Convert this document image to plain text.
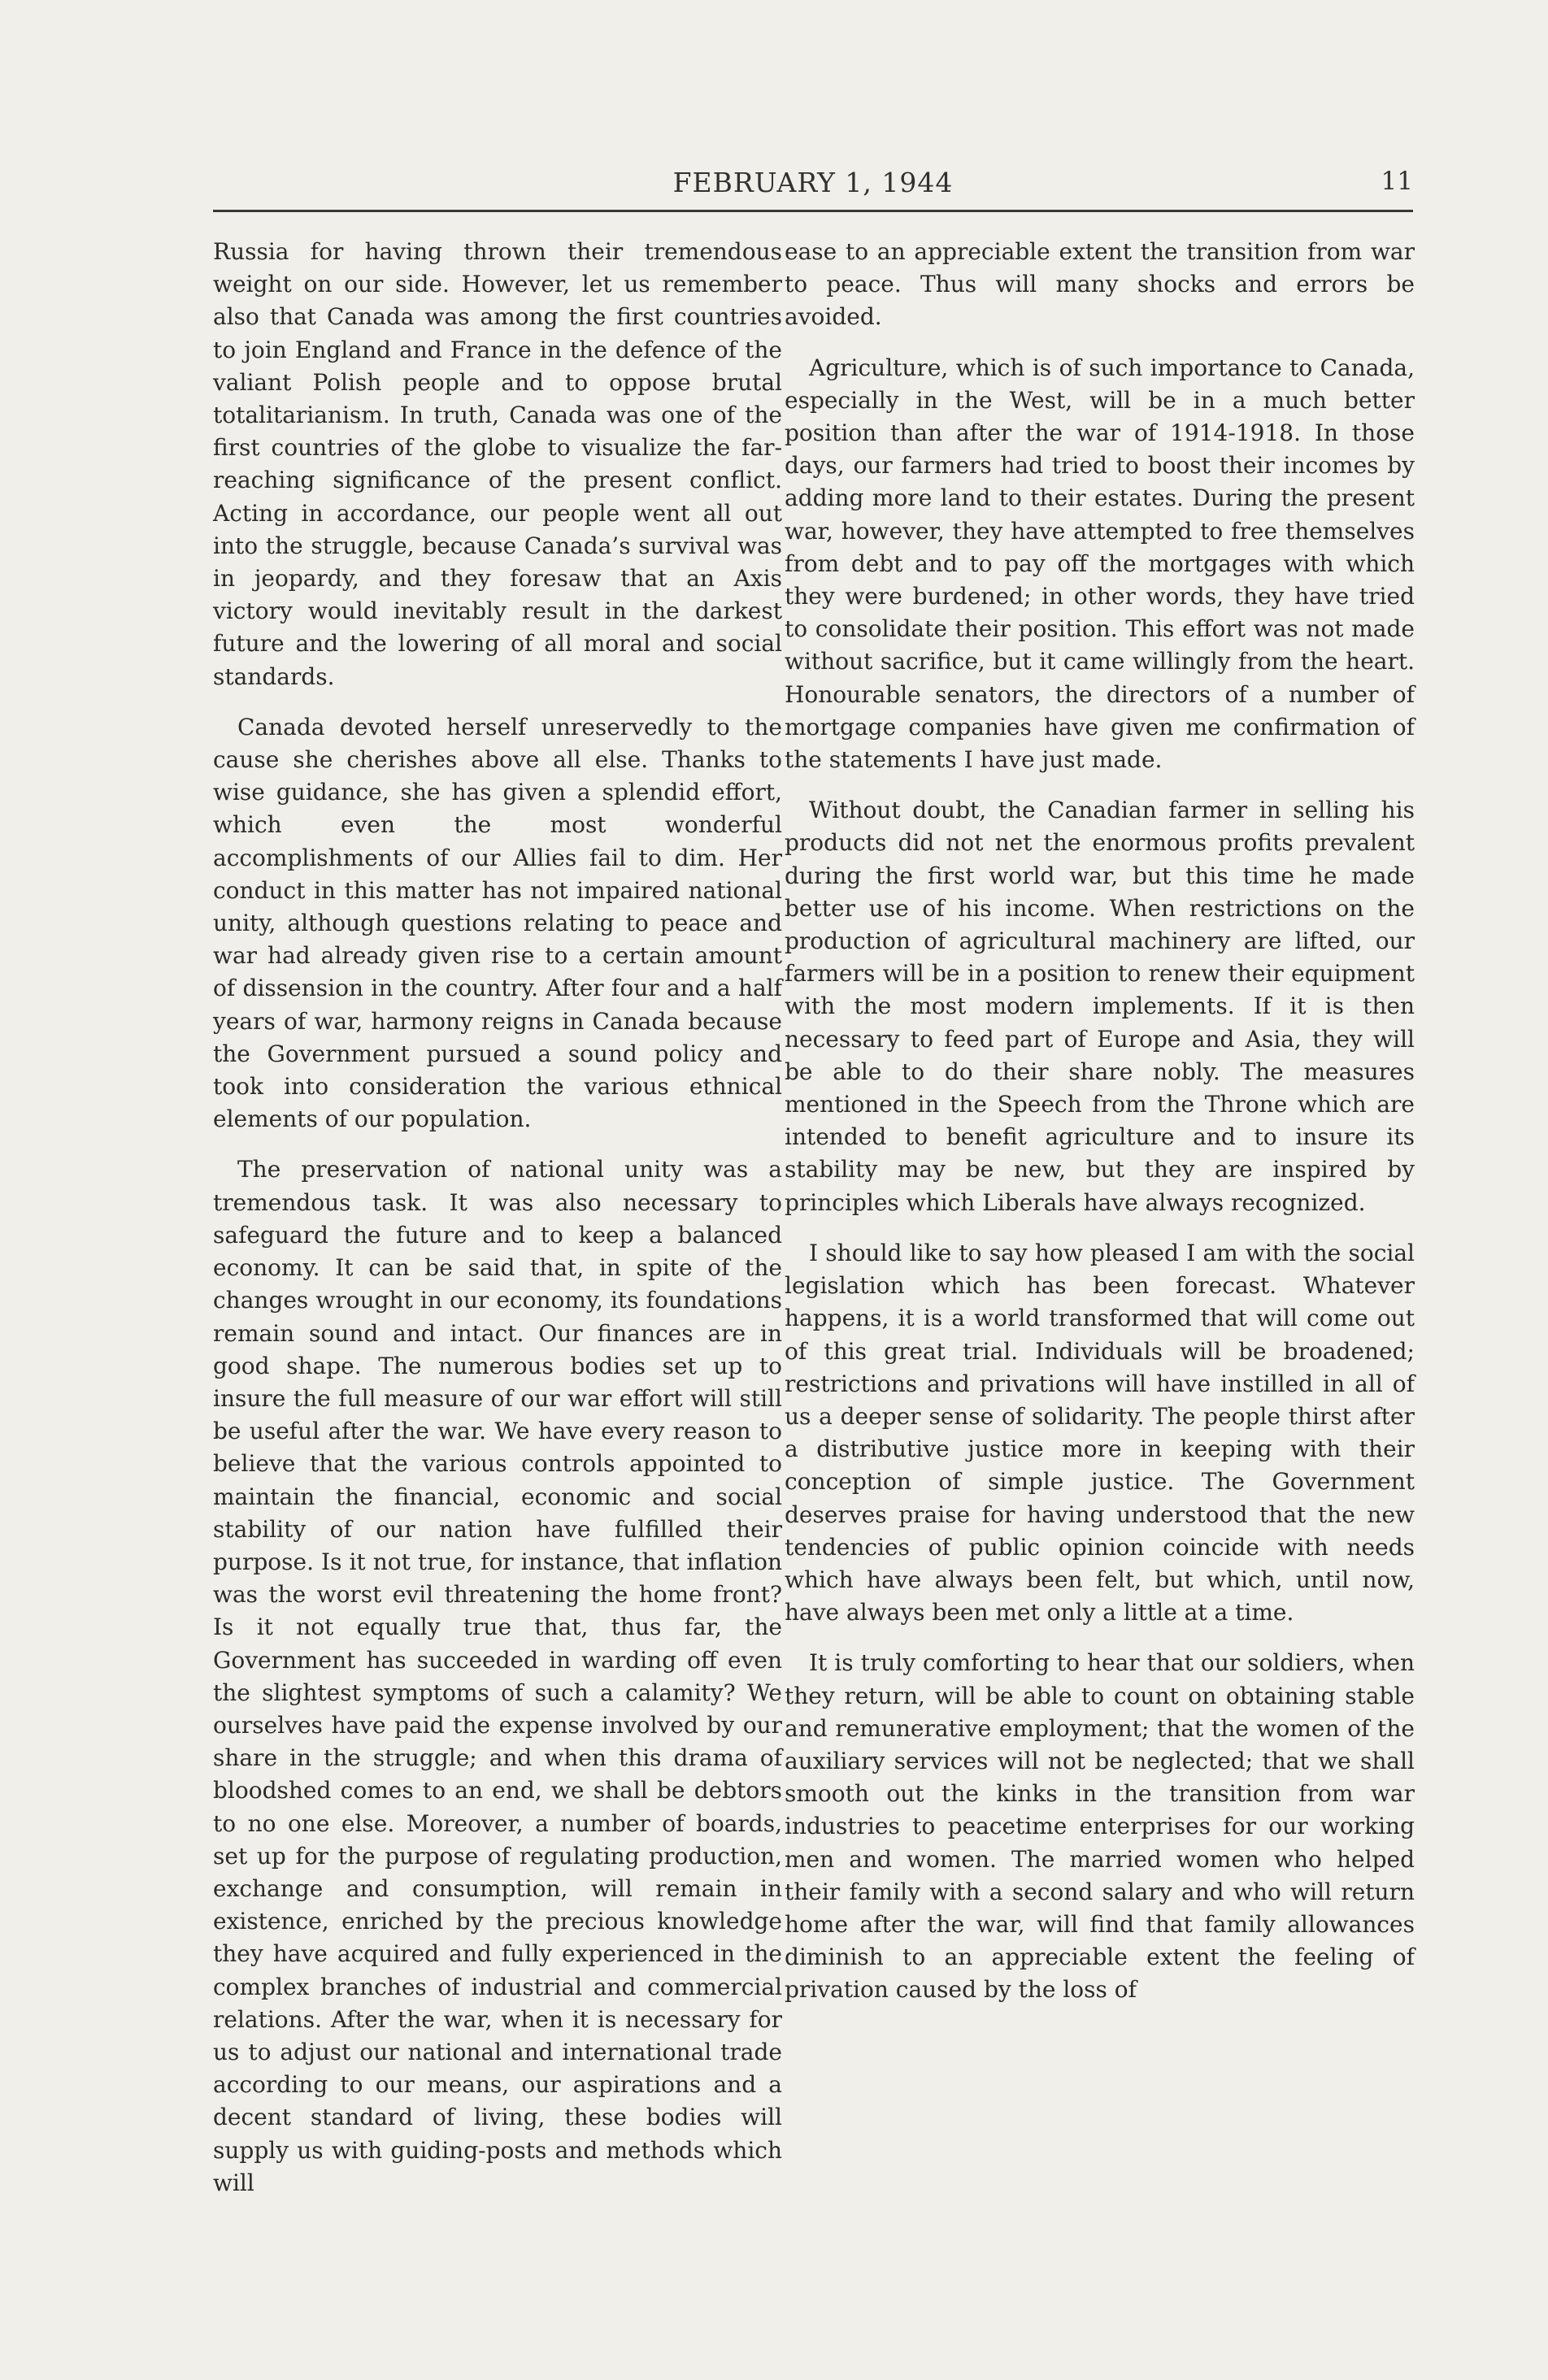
FEBRUARY 1, 1944	11

Russia for having thrown their tremendous weight on our side. However, let us remember also that Canada was among the first countries to join England and France in the defence of the valiant Polish people and to oppose brutal totalitarianism. In truth, Canada was one of the first countries of the globe to visualize the far-reaching significance of the present conflict. Acting in accordance, our people went all out into the struggle, because Canada’s survival was in jeopardy, and they foresaw that an Axis victory would inevitably result in the darkest future and the lowering of all moral and social standards.

Canada devoted herself unreservedly to the cause she cherishes above all else. Thanks to wise guidance, she has given a splendid effort, which even the most wonderful accomplishments of our Allies fail to dim. Her conduct in this matter has not impaired national unity, although questions relating to peace and war had already given rise to a certain amount of dissension in the country. After four and a half years of war, harmony reigns in Canada because the Government pursued a sound policy and took into consideration the various ethnical elements of our population.

The preservation of national unity was a tremendous task. It was also necessary to safeguard the future and to keep a balanced economy. It can be said that, in spite of the changes wrought in our economy, its foundations remain sound and intact. Our finances are in good shape. The numerous bodies set up to insure the full measure of our war effort will still be useful after the war. We have every reason to believe that the various controls appointed to maintain the financial, economic and social stability of our nation have fulfilled their purpose. Is it not true, for instance, that inflation was the worst evil threatening the home front? Is it not equally true that, thus far, the Government has succeeded in warding off even the slightest symptoms of such a calamity? We ourselves have paid the expense involved by our share in the struggle; and when this drama of bloodshed comes to an end, we shall be debtors to no one else. Moreover, a number of boards, set up for the purpose of regulating production, exchange and consumption, will remain in existence, enriched by the precious knowledge they have acquired and fully experienced in the complex branches of industrial and commercial relations. After the war, when it is necessary for us to adjust our national and international trade according to our means, our aspirations and a decent standard of living, these bodies will supply us with guiding-posts and methods which will

ease to an appreciable extent the transition from war to peace. Thus will many shocks and errors be avoided.

Agriculture, which is of such importance to Canada, especially in the West, will be in a much better position than after the war of 1914-1918. In those days, our farmers had tried to boost their incomes by adding more land to their estates. During the present war, however, they have attempted to free themselves from debt and to pay off the mortgages with which they were burdened; in other words, they have tried to consolidate their position. This effort was not made without sacrifice, but it came willingly from the heart. Honourable senators, the directors of a number of mortgage companies have given me confirmation of the statements I have just made.

Without doubt, the Canadian farmer in selling his products did not net the enormous profits prevalent during the first world war, but this time he made better use of his income. When restrictions on the production of agricultural machinery are lifted, our farmers will be in a position to renew their equipment with the most modern implements. If it is then necessary to feed part of Europe and Asia, they will be able to do their share nobly. The measures mentioned in the Speech from the Throne which are intended to benefit agriculture and to insure its stability may be new, but they are inspired by principles which Liberals have always recognized.

I should like to say how pleased I am with the social legislation which has been forecast. Whatever happens, it is a world transformed that will come out of this great trial. Individuals will be broadened; restrictions and privations will have instilled in all of us a deeper sense of solidarity. The people thirst after a distributive justice more in keeping with their conception of simple justice. The Government deserves praise for having understood that the new tendencies of public opinion coincide with needs which have always been felt, but which, until now, have always been met only a little at a time.

It is truly comforting to hear that our soldiers, when they return, will be able to count on obtaining stable and remunerative employment; that the women of the auxiliary services will not be neglected; that we shall smooth out the kinks in the transition from war industries to peacetime enterprises for our working men and women. The married women who helped their family with a second salary and who will return home after the war, will find that family allowances diminish to an appreciable extent the feeling of privation caused by the loss of
